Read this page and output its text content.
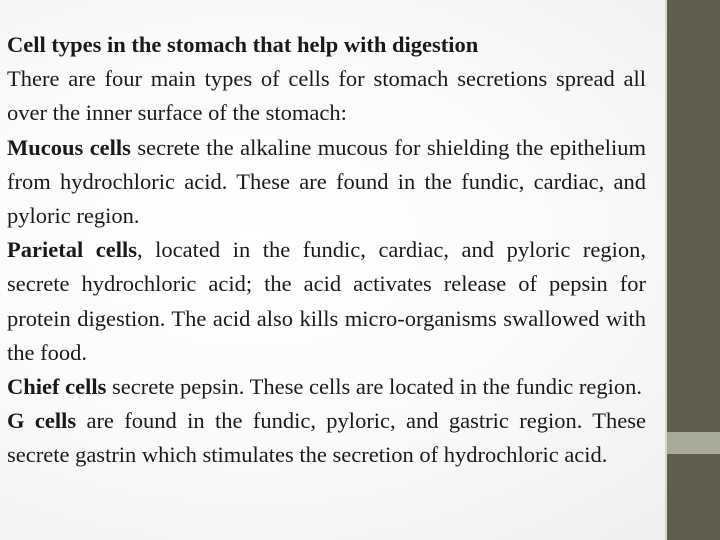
Cell types in the stomach that help with digestion

There are four main types of cells for stomach secretions spread all over the inner surface of the stomach:

Mucous cells secrete the alkaline mucous for shielding the epithelium from hydrochloric acid. These are found in the fundic, cardiac, and pyloric region.

Parietal cells, located in the fundic, cardiac, and pyloric region, secrete hydrochloric acid; the acid activates release of pepsin for protein digestion. The acid also kills micro-organisms swallowed with the food.

Chief cells secrete pepsin. These cells are located in the fundic region.

G cells are found in the fundic, pyloric, and gastric region. These secrete gastrin which stimulates the secretion of hydrochloric acid.
